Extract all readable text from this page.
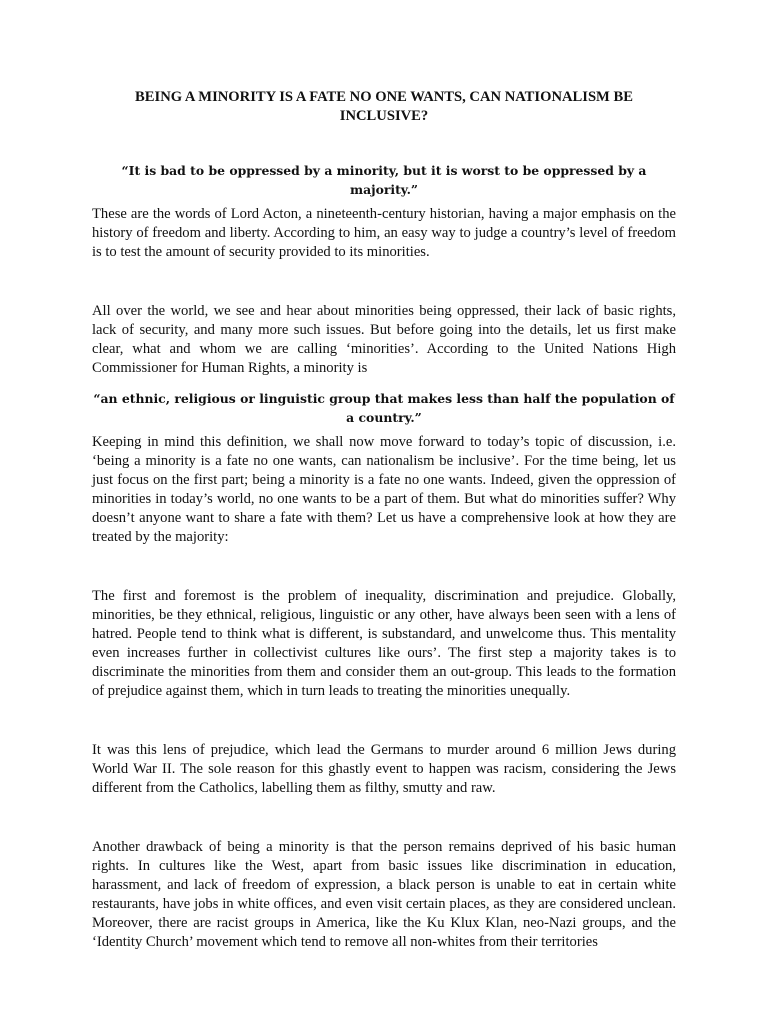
BEING A MINORITY IS A FATE NO ONE WANTS, CAN NATIONALISM BE INCLUSIVE?

“It is bad to be oppressed by a minority, but it is worst to be oppressed by a majority.”

These are the words of Lord Acton, a nineteenth-century historian, having a major emphasis on the history of freedom and liberty. According to him, an easy way to judge a country’s level of freedom is to test the amount of security provided to its minorities.

All over the world, we see and hear about minorities being oppressed, their lack of basic rights, lack of security, and many more such issues. But before going into the details, let us first make clear, what and whom we are calling ‘minorities’. According to the United Nations High Commissioner for Human Rights, a minority is

“an ethnic, religious or linguistic group that makes less than half the population of a country.”

Keeping in mind this definition, we shall now move forward to today’s topic of discussion, i.e. ‘being a minority is a fate no one wants, can nationalism be inclusive’. For the time being, let us just focus on the first part; being a minority is a fate no one wants. Indeed, given the oppression of minorities in today’s world, no one wants to be a part of them. But what do minorities suffer? Why doesn’t anyone want to share a fate with them? Let us have a comprehensive look at how they are treated by the majority:

The first and foremost is the problem of inequality, discrimination and prejudice. Globally, minorities, be they ethnical, religious, linguistic or any other, have always been seen with a lens of hatred. People tend to think what is different, is substandard, and unwelcome thus. This mentality even increases further in collectivist cultures like ours’. The first step a majority takes is to discriminate the minorities from them and consider them an out-group. This leads to the formation of prejudice against them, which in turn leads to treating the minorities unequally.

It was this lens of prejudice, which lead the Germans to murder around 6 million Jews during World War II. The sole reason for this ghastly event to happen was racism, considering the Jews different from the Catholics, labelling them as filthy, smutty and raw.

Another drawback of being a minority is that the person remains deprived of his basic human rights. In cultures like the West, apart from basic issues like discrimination in education, harassment, and lack of freedom of expression, a black person is unable to eat in certain white restaurants, have jobs in white offices, and even visit certain places, as they are considered unclean. Moreover, there are racist groups in America, like the Ku Klux Klan, neo-Nazi groups, and the ‘Identity Church’ movement which tend to remove all non-whites from their territories
